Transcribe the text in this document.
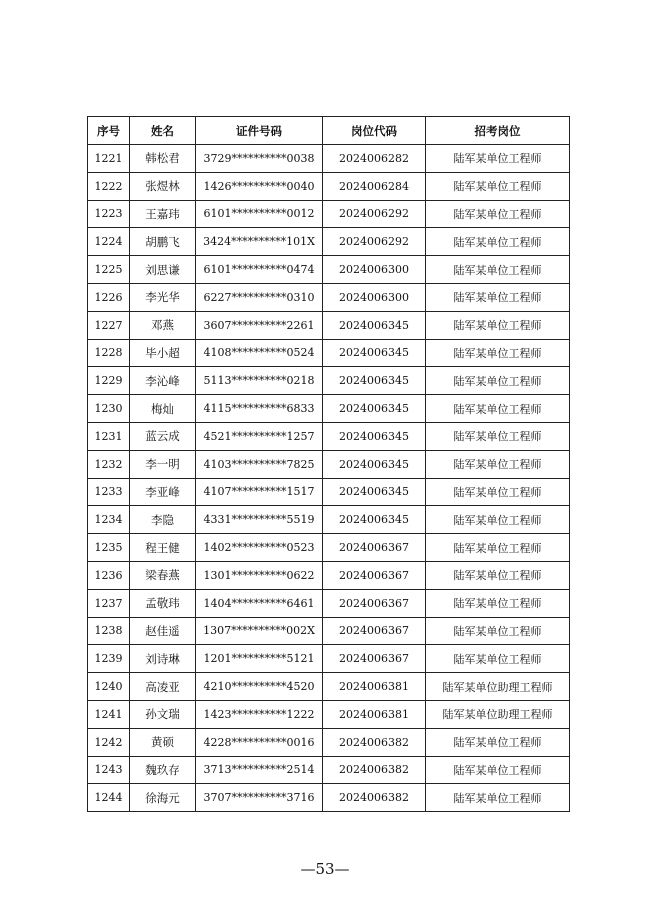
序号	姓名	证件号码	岗位代码	招考岗位
1221	韩松君	3729**********0038	2024006282	陆军某单位工程师
1222	张煜林	1426**********0040	2024006284	陆军某单位工程师
1223	王嘉玮	6101**********0012	2024006292	陆军某单位工程师
1224	胡鹏飞	3424**********101X	2024006292	陆军某单位工程师
1225	刘思谦	6101**********0474	2024006300	陆军某单位工程师
1226	李光华	6227**********0310	2024006300	陆军某单位工程师
1227	邓燕	3607**********2261	2024006345	陆军某单位工程师
1228	毕小超	4108**********0524	2024006345	陆军某单位工程师
1229	李沁峰	5113**********0218	2024006345	陆军某单位工程师
1230	梅灿	4115**********6833	2024006345	陆军某单位工程师
1231	蓝云成	4521**********1257	2024006345	陆军某单位工程师
1232	李一明	4103**********7825	2024006345	陆军某单位工程师
1233	李亚峰	4107**********1517	2024006345	陆军某单位工程师
1234	李隐	4331**********5519	2024006345	陆军某单位工程师
1235	程王健	1402**********0523	2024006367	陆军某单位工程师
1236	梁春燕	1301**********0622	2024006367	陆军某单位工程师
1237	孟敬玮	1404**********6461	2024006367	陆军某单位工程师
1238	赵佳遥	1307**********002X	2024006367	陆军某单位工程师
1239	刘诗琳	1201**********5121	2024006367	陆军某单位工程师
1240	高凌亚	4210**********4520	2024006381	陆军某单位助理工程师
1241	孙文瑞	1423**********1222	2024006381	陆军某单位助理工程师
1242	黄硕	4228**********0016	2024006382	陆军某单位工程师
1243	魏玖存	3713**********2514	2024006382	陆军某单位工程师
1244	徐海元	3707**********3716	2024006382	陆军某单位工程师
—53—
